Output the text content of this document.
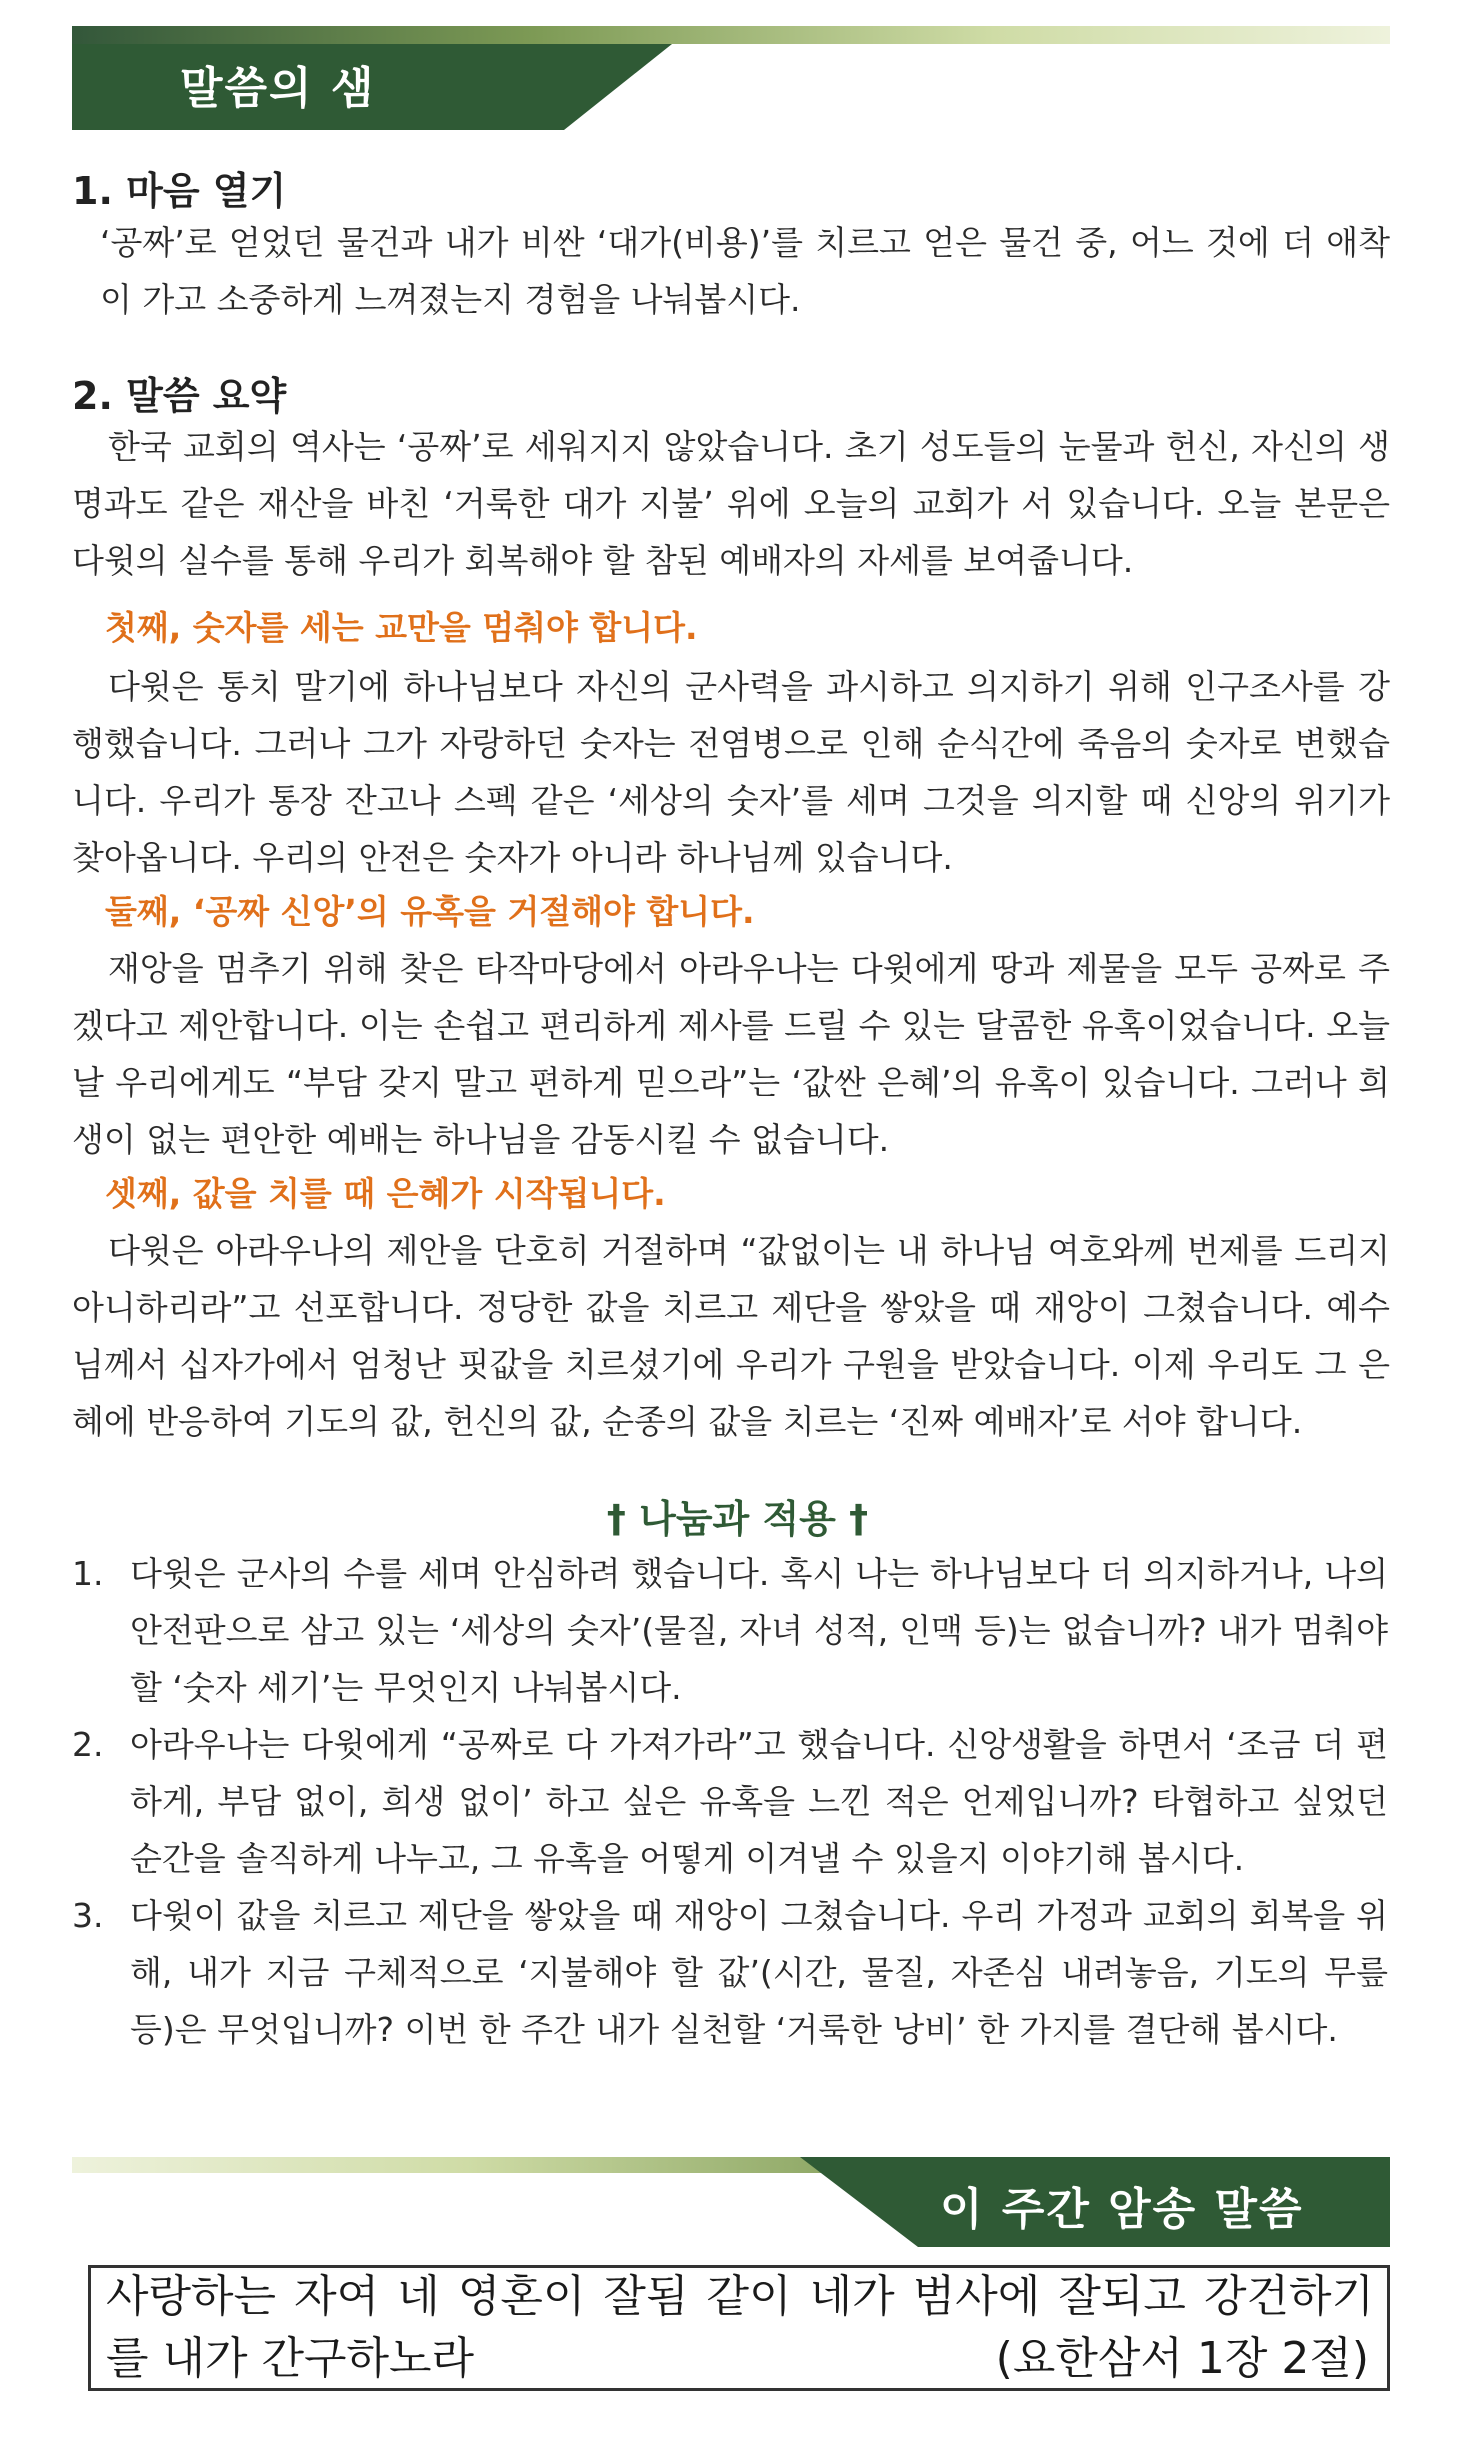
말씀의 샘
1. 마음 열기

‘공짜’로 얻었던 물건과 내가 비싼 ‘대가(비용)’를 치르고 얻은 물건 중, 어느 것에 더 애착이 가고 소중하게 느껴졌는지 경험을 나눠봅시다.

2. 말씀 요약

한국 교회의 역사는 ‘공짜’로 세워지지 않았습니다. 초기 성도들의 눈물과 헌신, 자신의 생명과도 같은 재산을 바친 ‘거룩한 대가 지불’ 위에 오늘의 교회가 서 있습니다. 오늘 본문은 다윗의 실수를 통해 우리가 회복해야 할 참된 예배자의 자세를 보여줍니다.

첫째, 숫자를 세는 교만을 멈춰야 합니다.

다윗은 통치 말기에 하나님보다 자신의 군사력을 과시하고 의지하기 위해 인구조사를 강행했습니다. 그러나 그가 자랑하던 숫자는 전염병으로 인해 순식간에 죽음의 숫자로 변했습니다. 우리가 통장 잔고나 스펙 같은 ‘세상의 숫자’를 세며 그것을 의지할 때 신앙의 위기가 찾아옵니다. 우리의 안전은 숫자가 아니라 하나님께 있습니다.

둘째, ‘공짜 신앙’의 유혹을 거절해야 합니다.

재앙을 멈추기 위해 찾은 타작마당에서 아라우나는 다윗에게 땅과 제물을 모두 공짜로 주겠다고 제안합니다. 이는 손쉽고 편리하게 제사를 드릴 수 있는 달콤한 유혹이었습니다. 오늘날 우리에게도 “부담 갖지 말고 편하게 믿으라”는 ‘값싼 은혜’의 유혹이 있습니다. 그러나 희생이 없는 편안한 예배는 하나님을 감동시킬 수 없습니다.

셋째, 값을 치를 때 은혜가 시작됩니다.

다윗은 아라우나의 제안을 단호히 거절하며 “값없이는 내 하나님 여호와께 번제를 드리지 아니하리라”고 선포합니다. 정당한 값을 치르고 제단을 쌓았을 때 재앙이 그쳤습니다. 예수님께서 십자가에서 엄청난 핏값을 치르셨기에 우리가 구원을 받았습니다. 이제 우리도 그 은혜에 반응하여 기도의 값, 헌신의 값, 순종의 값을 치르는 ‘진짜 예배자’로 서야 합니다.

† 나눔과 적용 †
1. 다윗은 군사의 수를 세며 안심하려 했습니다. 혹시 나는 하나님보다 더 의지하거나, 나의 안전판으로 삼고 있는 ‘세상의 숫자’(물질, 자녀 성적, 인맥 등)는 없습니까? 내가 멈춰야 할 ‘숫자 세기’는 무엇인지 나눠봅시다.

2. 아라우나는 다윗에게 “공짜로 다 가져가라”고 했습니다. 신앙생활을 하면서 ‘조금 더 편하게, 부담 없이, 희생 없이’ 하고 싶은 유혹을 느낀 적은 언제입니까? 타협하고 싶었던 순간을 솔직하게 나누고, 그 유혹을 어떻게 이겨낼 수 있을지 이야기해 봅시다.

3. 다윗이 값을 치르고 제단을 쌓았을 때 재앙이 그쳤습니다. 우리 가정과 교회의 회복을 위해, 내가 지금 구체적으로 ‘지불해야 할 값’(시간, 물질, 자존심 내려놓음, 기도의 무릎 등)은 무엇입니까? 이번 한 주간 내가 실천할 ‘거룩한 낭비’ 한 가지를 결단해 봅시다.

이 주간 암송 말씀

사랑하는 자여 네 영혼이 잘됨 같이 네가 범사에 잘되고 강건하기를 내가 간구하노라	(요한삼서 1장 2절)
